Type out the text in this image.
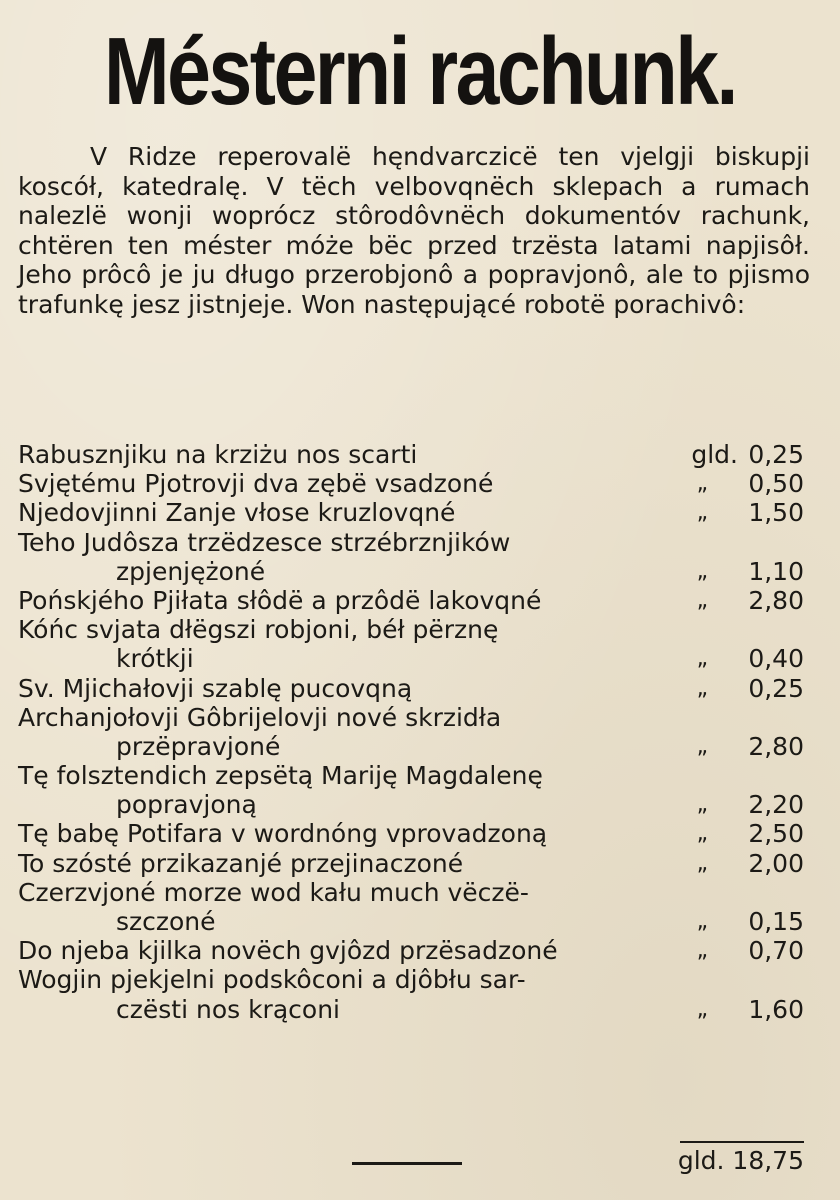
Mésterni rachunk.

V Ridze reperovalë hęndvarczicë ten vjelgji biskupji koscół, katedralę. V tëch velbovqnëch sklepach a rumach nalezlë wonji woprócz stôrodôvnëch dokumentóv rachunk, chtëren ten méster móże bëc przed trzësta latami napjisôł. Jeho prôcô je ju długo przerobjonô a popravjonô, ale to pjismo trafunkę jesz jistnjeje. Won następującé robotë porachivô:

Rabusznjiku na krziżu nos scarti	gld. 0,25
Svjętému Pjotrovji dva zębë vsadzoné	„	0,50
Njedovjinni Zanje vłose kruzlovqné	„	1,50
Teho Judôsza trzëdzesce strzébrznjików
zpjenjężoné	„	1,10
Pońskjého Pjiłata słôdë a przôdë lakovqné	„	2,80
Kóńc svjata dłëgszi robjoni, béł përznę
krótkji	„	0,40
Sv. Mjichałovji szablę pucovqną	„	0,25
Archanjołovji Gôbrijelovji nové skrzidła
przëpravjoné	„	2,80
Tę folsztendich zepsëtą Mariję Magdalenę
popravjoną	„	2,20
Tę babę Potifara v wordnóng vprovadzoną	„	2,50
To szósté przikazanjé przejinaczoné	„	2,00
Czerzvjoné morze wod kału much vëczë-
szczoné	„	0,15
Do njeba kjilka novëch gvjôzd przësadzoné	„	0,70
Wogjin pjekjelni podskôconi a djôbłu sar-
czësti nos krąconi	„	1,60
gld. 18,75
